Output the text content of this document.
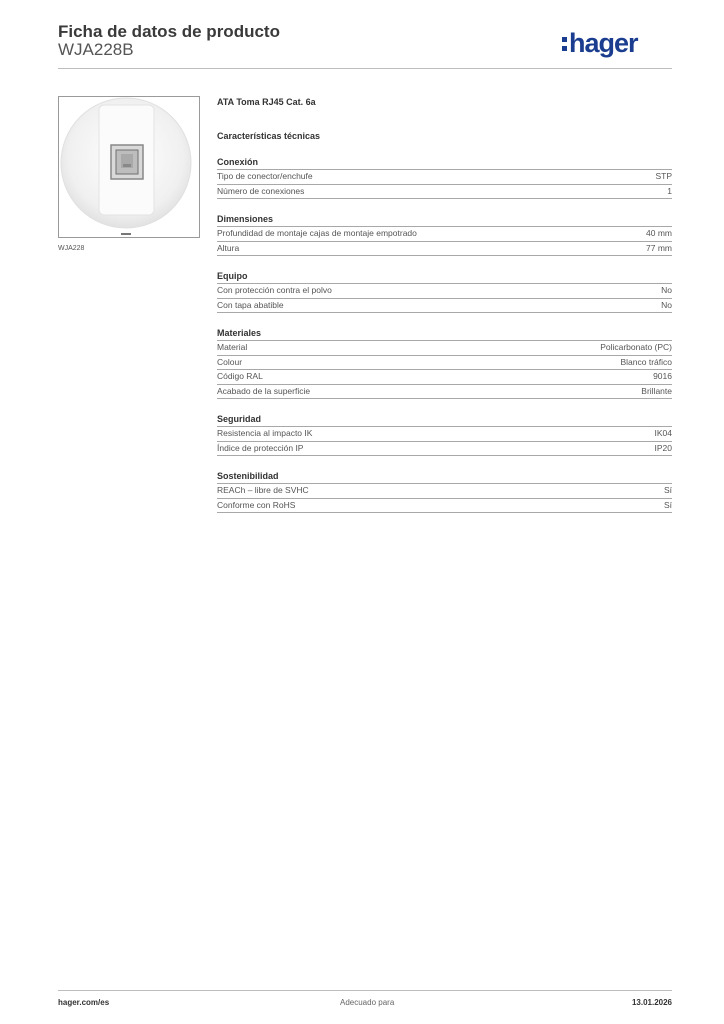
Ficha de datos de producto
WJA228B	hager
WJA228
ATA Toma RJ45 Cat. 6a
Características técnicas
Conexión
Tipo de conector/enchufe	STP
Número de conexiones	1
Dimensiones
Profundidad de montaje cajas de montaje empotrado	40 mm
Altura	77 mm
Equipo
Con protección contra el polvo	No
Con tapa abatible	No
Materiales
Material	Policarbonato (PC)
Colour	Blanco tráfico
Código RAL	9016
Acabado de la superficie	Brillante
Seguridad
Resistencia al impacto IK	IK04
Índice de protección IP	IP20
Sostenibilidad
REACh – libre de SVHC	Sí
Conforme con RoHS	Sí
hager.com/es	Adecuado para	13.01.2026
